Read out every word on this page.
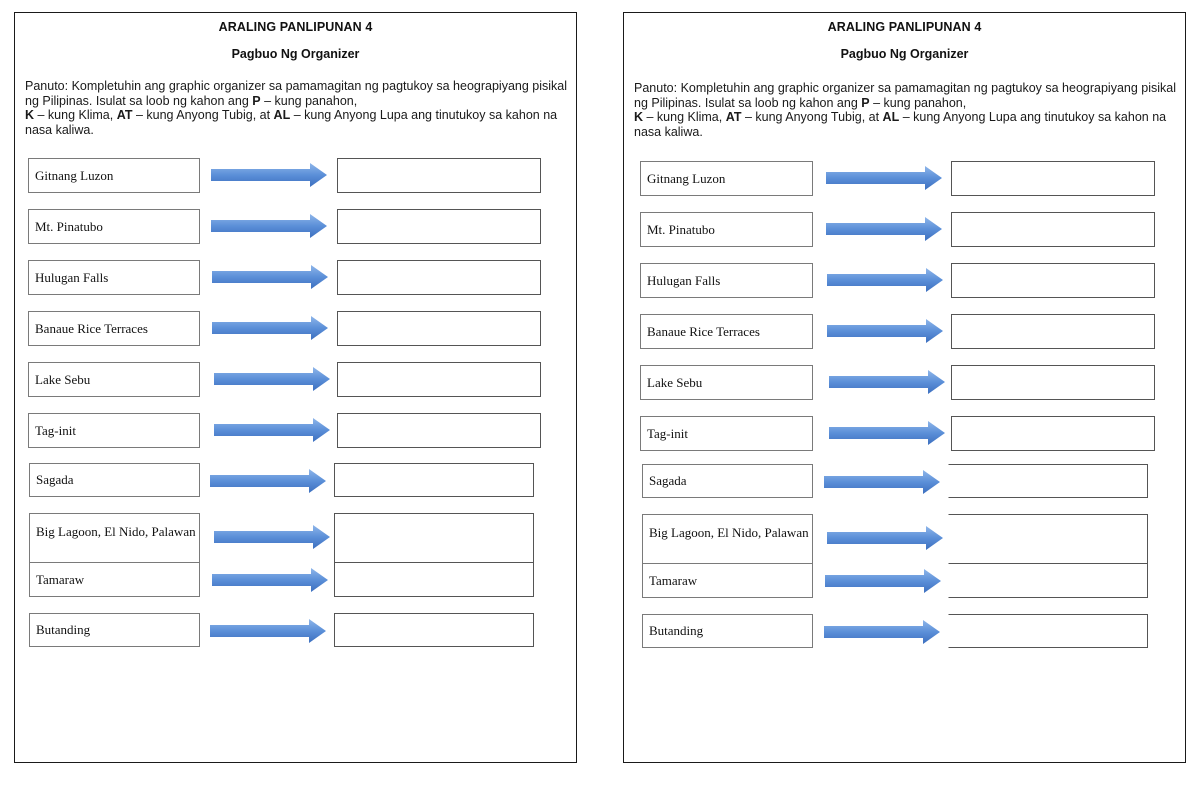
ARALING PANLIPUNAN 4
Pagbuo Ng Organizer
Panuto: Kompletuhin ang graphic organizer sa pamamagitan ng pagtukoy sa heograpiyang pisikal ng Pilipinas. Isulat sa loob ng kahon ang P – kung panahon,
K – kung Klima, AT – kung Anyong Tubig, at AL – kung Anyong Lupa ang tinutukoy sa kahon na nasa kaliwa.
Gitnang Luzon
Mt. Pinatubo
Hulugan Falls
Banaue Rice Terraces
Lake Sebu
Tag-init
Sagada
Big Lagoon, El Nido, Palawan
Tamaraw
Butanding
ARALING PANLIPUNAN 4
Pagbuo Ng Organizer
Panuto: Kompletuhin ang graphic organizer sa pamamagitan ng pagtukoy sa heograpiyang pisikal ng Pilipinas. Isulat sa loob ng kahon ang P – kung panahon,
K – kung Klima, AT – kung Anyong Tubig, at AL – kung Anyong Lupa ang tinutukoy sa kahon na nasa kaliwa.
Gitnang Luzon
Mt. Pinatubo
Hulugan Falls
Banaue Rice Terraces
Lake Sebu
Tag-init
Sagada
Big Lagoon, El Nido, Palawan
Tamaraw
Butanding
